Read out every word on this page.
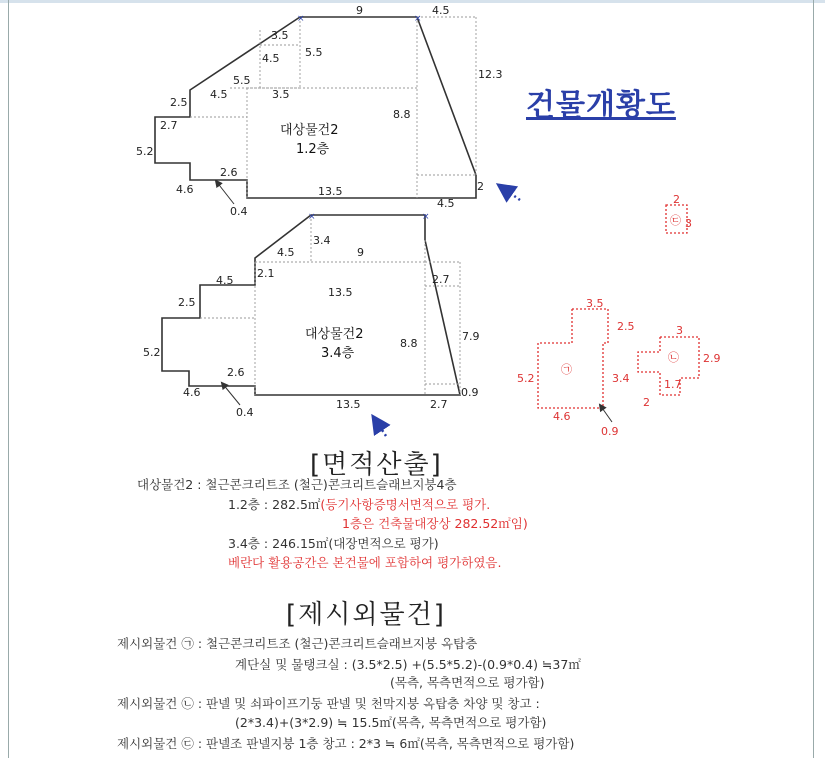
9	4.5
3.5
5.5
4.5
12.3
5.5
4.5	3.5
2.5
2.7
8.8
5.2
2.6
4.6	13.5
4.5
2
0.4
대상물건2
1.2층
×	×
3.4
4.5	9
4.5
2.1	2.7
2.5
13.5
7.9
5.2
8.8
2.6
0.9
4.6
13.5	2.7
0.4
대상물건2
3.4층
×	×
2
3
㉢
3.5
2.5
5.2	3.4
4.6
0.9
㉠
3
2.9
1.7
2
㉡
건물개황도
[면적산출]
대상물건2 : 철근콘크리트조 (철근)콘크리트슬래브지붕4층
1.2층 : 282.5㎡(등기사항증명서면적으로 평가.
1층은 건축물대장상 282.52㎡임)
3.4층 : 246.15㎡(대장면적으로 평가)
베란다 활용공간은 본건물에 포함하여 평가하였음.
[제시외물건]
제시외물건 ㉠ : 철근콘크리트조 (철근)콘크리트슬래브지붕 옥탑층
계단실 및 물탱크실 : (3.5*2.5) +(5.5*5.2)-(0.9*0.4) ≒37㎡
(목측, 목측면적으로 평가함)
제시외물건 ㉡ : 판넬 및 쇠파이프기둥 판넬 및 천막지붕 옥탑층 차양 및 창고 :
(2*3.4)+(3*2.9) ≒ 15.5㎡(목측, 목측면적으로 평가함)
제시외물건 ㉢ : 판넬조 판넬지붕 1층 창고 : 2*3 ≒ 6㎡(목측, 목측면적으로 평가함)
